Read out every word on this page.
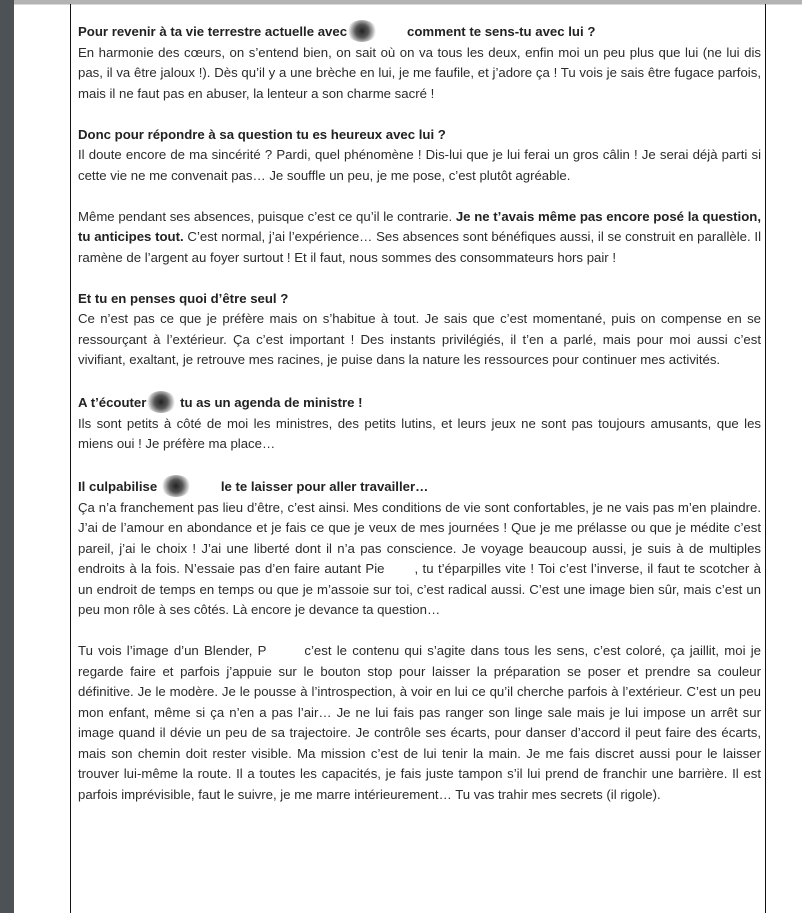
Pour revenir à ta vie terrestre actuelle avec	comment te sens-tu avec lui ?
En harmonie des cœurs, on s’entend bien, on sait où on va tous les deux, enfin moi un peu plus que lui (ne lui dis pas, il va être jaloux !). Dès qu’il y a une brèche en lui, je me faufile, et j’adore ça ! Tu vois je sais être fugace parfois, mais il ne faut pas en abuser, la lenteur a son charme sacré !
Donc pour répondre à sa question tu es heureux avec lui ?
Il doute encore de ma sincérité ? Pardi, quel phénomène ! Dis-lui que je lui ferai un gros câlin ! Je serai déjà parti si cette vie ne me convenait pas… Je souffle un peu, je me pose, c’est plutôt agréable.
Même pendant ses absences, puisque c’est ce qu’il le contrarie. Je ne t’avais même pas encore posé la question, tu anticipes tout. C’est normal, j’ai l’expérience… Ses absences sont bénéfiques aussi, il se construit en parallèle. Il ramène de l’argent au foyer surtout ! Et il faut, nous sommes des consommateurs hors pair !
Et tu en penses quoi d’être seul ?
Ce n’est pas ce que je préfère mais on s’habitue à tout. Je sais que c’est momentané, puis on compense en se ressourçant à l’extérieur. Ça c’est important ! Des instants privilégiés, il t’en a parlé, mais pour moi aussi c’est vivifiant, exaltant, je retrouve mes racines, je puise dans la nature les ressources pour continuer mes activités.
A t’écouter	tu as un agenda de ministre !
Ils sont petits à côté de moi les ministres, des petits lutins, et leurs jeux ne sont pas toujours amusants, que les miens oui ! Je préfère ma place…
Il culpabilise	le te laisser pour aller travailler…
Ça n’a franchement pas lieu d’être, c’est ainsi. Mes conditions de vie sont confortables, je ne vais pas m’en plaindre. J’ai de l’amour en abondance et je fais ce que je veux de mes journées ! Que je me prélasse ou que je médite c’est pareil, j’ai le choix ! J’ai une liberté dont il n’a pas conscience. Je voyage beaucoup aussi, je suis à de multiples endroits à la fois. N’essaie pas d’en faire autant Pie , tu t’éparpilles vite ! Toi c’est l’inverse, il faut te scotcher à un endroit de temps en temps ou que je m’assoie sur toi, c’est radical aussi. C’est une image bien sûr, mais c’est un peu mon rôle à ses côtés. Là encore je devance ta question…
Tu vois l’image d’un Blender, P	c’est le contenu qui s’agite dans tous les sens, c’est coloré, ça jaillit, moi je regarde faire et parfois j’appuie sur le bouton stop pour laisser la préparation se poser et prendre sa couleur définitive. Je le modère. Je le pousse à l’introspection, à voir en lui ce qu’il cherche parfois à l’extérieur. C’est un peu mon enfant, même si ça n’en a pas l’air… Je ne lui fais pas ranger son linge sale mais je lui impose un arrêt sur image quand il dévie un peu de sa trajectoire. Je contrôle ses écarts, pour danser d’accord il peut faire des écarts, mais son chemin doit rester visible. Ma mission c’est de lui tenir la main. Je me fais discret aussi pour le laisser trouver lui-même la route. Il a toutes les capacités, je fais juste tampon s’il lui prend de franchir une barrière. Il est parfois imprévisible, faut le suivre, je me marre intérieurement… Tu vas trahir mes secrets (il rigole).
